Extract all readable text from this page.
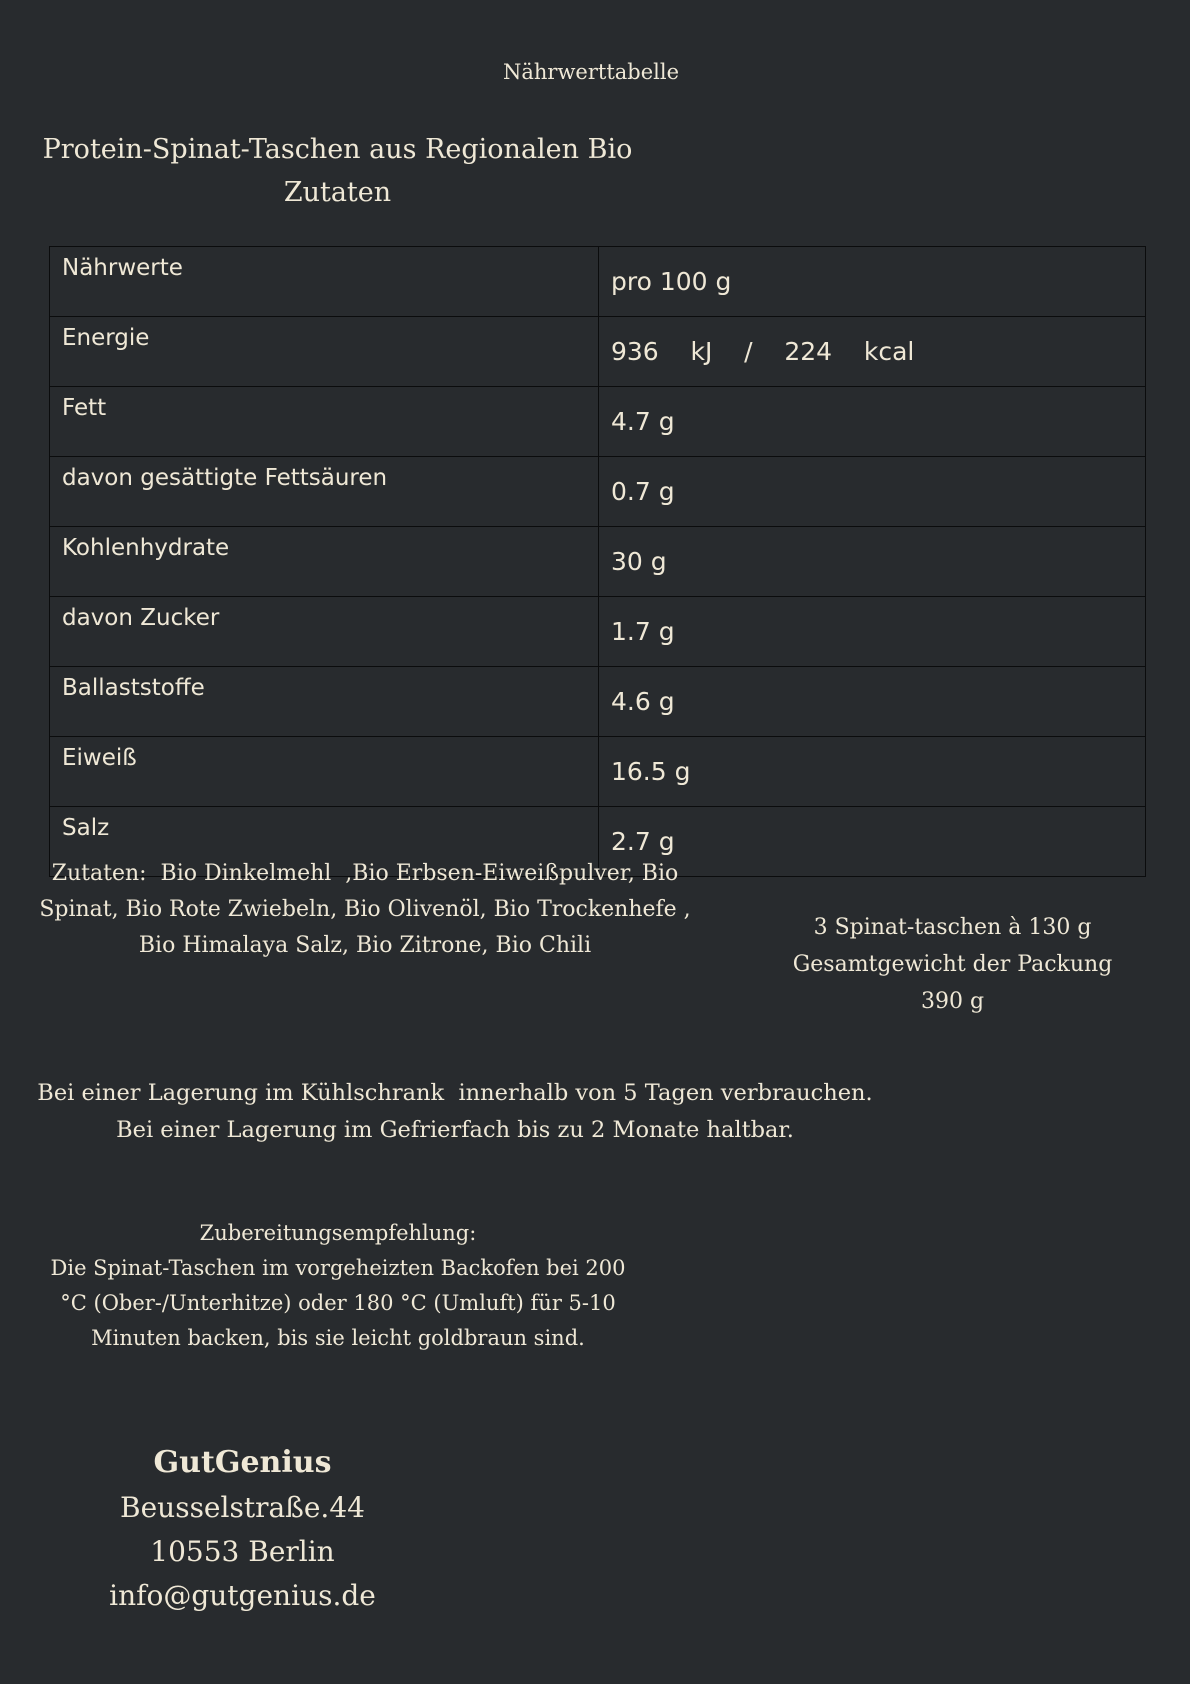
Nährwerttabelle
Protein-Spinat-Taschen aus Regionalen Bio
Zutaten
Nährwerte	pro 100 g
Energie	936    kJ    /    224    kcal
Fett	4.7 g
davon gesättigte Fettsäuren	0.7 g
Kohlenhydrate	30 g
davon Zucker	1.7 g
Ballaststoffe	4.6 g
Eiweiß	16.5 g
Salz	2.7 g
Zutaten:  Bio Dinkelmehl  ,Bio Erbsen-Eiweißpulver, Bio
Spinat, Bio Rote Zwiebeln, Bio Olivenöl, Bio Trockenhefe ,
Bio Himalaya Salz, Bio Zitrone, Bio Chili
3 Spinat-taschen à 130 g
Gesamtgewicht der Packung
390 g
Bei einer Lagerung im Kühlschrank  innerhalb von 5 Tagen verbrauchen.
Bei einer Lagerung im Gefrierfach bis zu 2 Monate haltbar.
Zubereitungsempfehlung:
Die Spinat-Taschen im vorgeheizten Backofen bei 200
°C (Ober-/Unterhitze) oder 180 °C (Umluft) für 5-10
Minuten backen, bis sie leicht goldbraun sind.
GutGenius
Beusselstraße.44
10553 Berlin
info@gutgenius.de
